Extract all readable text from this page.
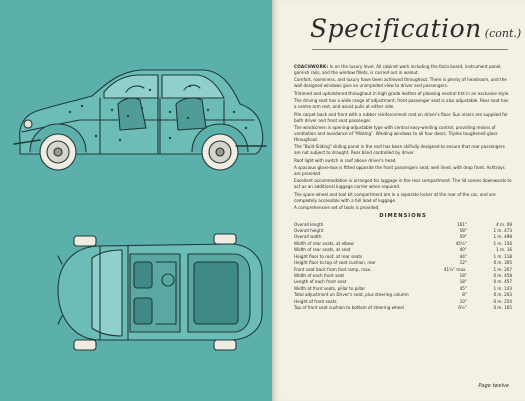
Specification (cont.)

COACHWORK: In on the luxury level. All cabinet work including the facia board, instrument panel, garnish rails, and the window fillets, is carried out in walnut.

Comfort, roominess, and luxury have been achieved throughout. There is plenty of headroom, and the well designed windows give an unimpeded view to driver and passengers.

Trimmed and upholstered throughout in high grade leather of pleasing neutral tint in an exclusive style.

The driving seat has a wide range of adjustment, front passenger seat is also adjustable. Rear seat has a centre arm rest, and assist pulls at either side.

Pile carpet back and front with a rubber reinforcement mat on driver's floor. Sun visors are supplied for both driver and front seat passenger.

The windscreen is opening-adjustable type with central easy-winding control, providing means of ventilation and avoidance of "Misting". Winding windows to all four doors. Triplex toughened glass throughout.

The "Built-Sliding" sliding panel in the roof has been skilfully designed to ensure that rear passengers are not subject to draught. Rear blind controlled by driver.

Roof light with switch in roof above driver's head.

A spacious glove-box is fitted opposite the front passengers seat, well lined, with drop front. Ashtrays are provided.

Excellent accommodation is arranged for luggage in the rear compartment. The lid comes downwards to act as an additional luggage carrier when required.

The spare wheel and tool kit compartment are in a separate locker at the rear of the car, and are completely accessible with a full load of luggage.

A comprehensive set of tools is provided.

DIMENSIONS
Overall length	161"	4 m. 09
Overall height	58"	1 m. 473
Overall width	59"	1 m. 498
Width of rear seats, at elbow	45½"	1 m. 156
Width of rear seats, at seat	40"	1 m. 16
Height floor to roof, at rear seats	44"	1 m. 118
Height floor to top of seat cushion, rear	12"	0 m. 305
Front seat back from foot ramp, max.	41½" max.	1 m. 207
Width of each front seat	18"	0 m. 458
Length of each front seat	18"	0 m. 457
Width at front seats, pillar to pillar	45"	1 m. 143
Total adjustment on Driver's seat, plus steering column	8"	0 m. 203
Height of front seats	10"	0 m. 254
Top of front seat cushion to bottom of steering wheel	6½"	0 m. 165
Page twelve
